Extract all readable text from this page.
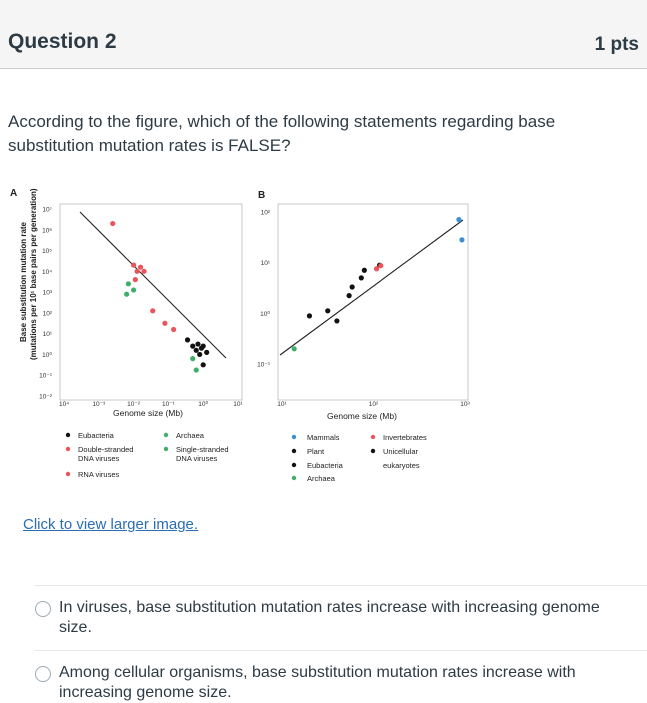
Question 2	1 pts
According to the figure, which of the following statements regarding base substitution mutation rates is FALSE?
A
Base substitution mutation rate (mutations per 10¹ base pairs per generation)
10⁻²
10⁻¹
10⁰
10¹
10²
10³
10⁴
10⁵
10⁶
10⁷
10⁴	10⁻³	10⁻²	10⁻¹	10⁰	10¹
Genome size (Mb)
Eubacteria	Archaea
Double-stranded
DNA viruses
Single-stranded
DNA viruses
RNA viruses
B
10²
10¹
10⁰
10⁻¹
10¹	10²	10³
Genome size (Mb)
Mammals	Invertebrates
Plant	Unicellular
eukaryotes
Eubacteria
Archaea
Click to view larger image.
In viruses, base substitution mutation rates increase with increasing genome size.
Among cellular organisms, base substitution mutation rates increase with increasing genome size.
